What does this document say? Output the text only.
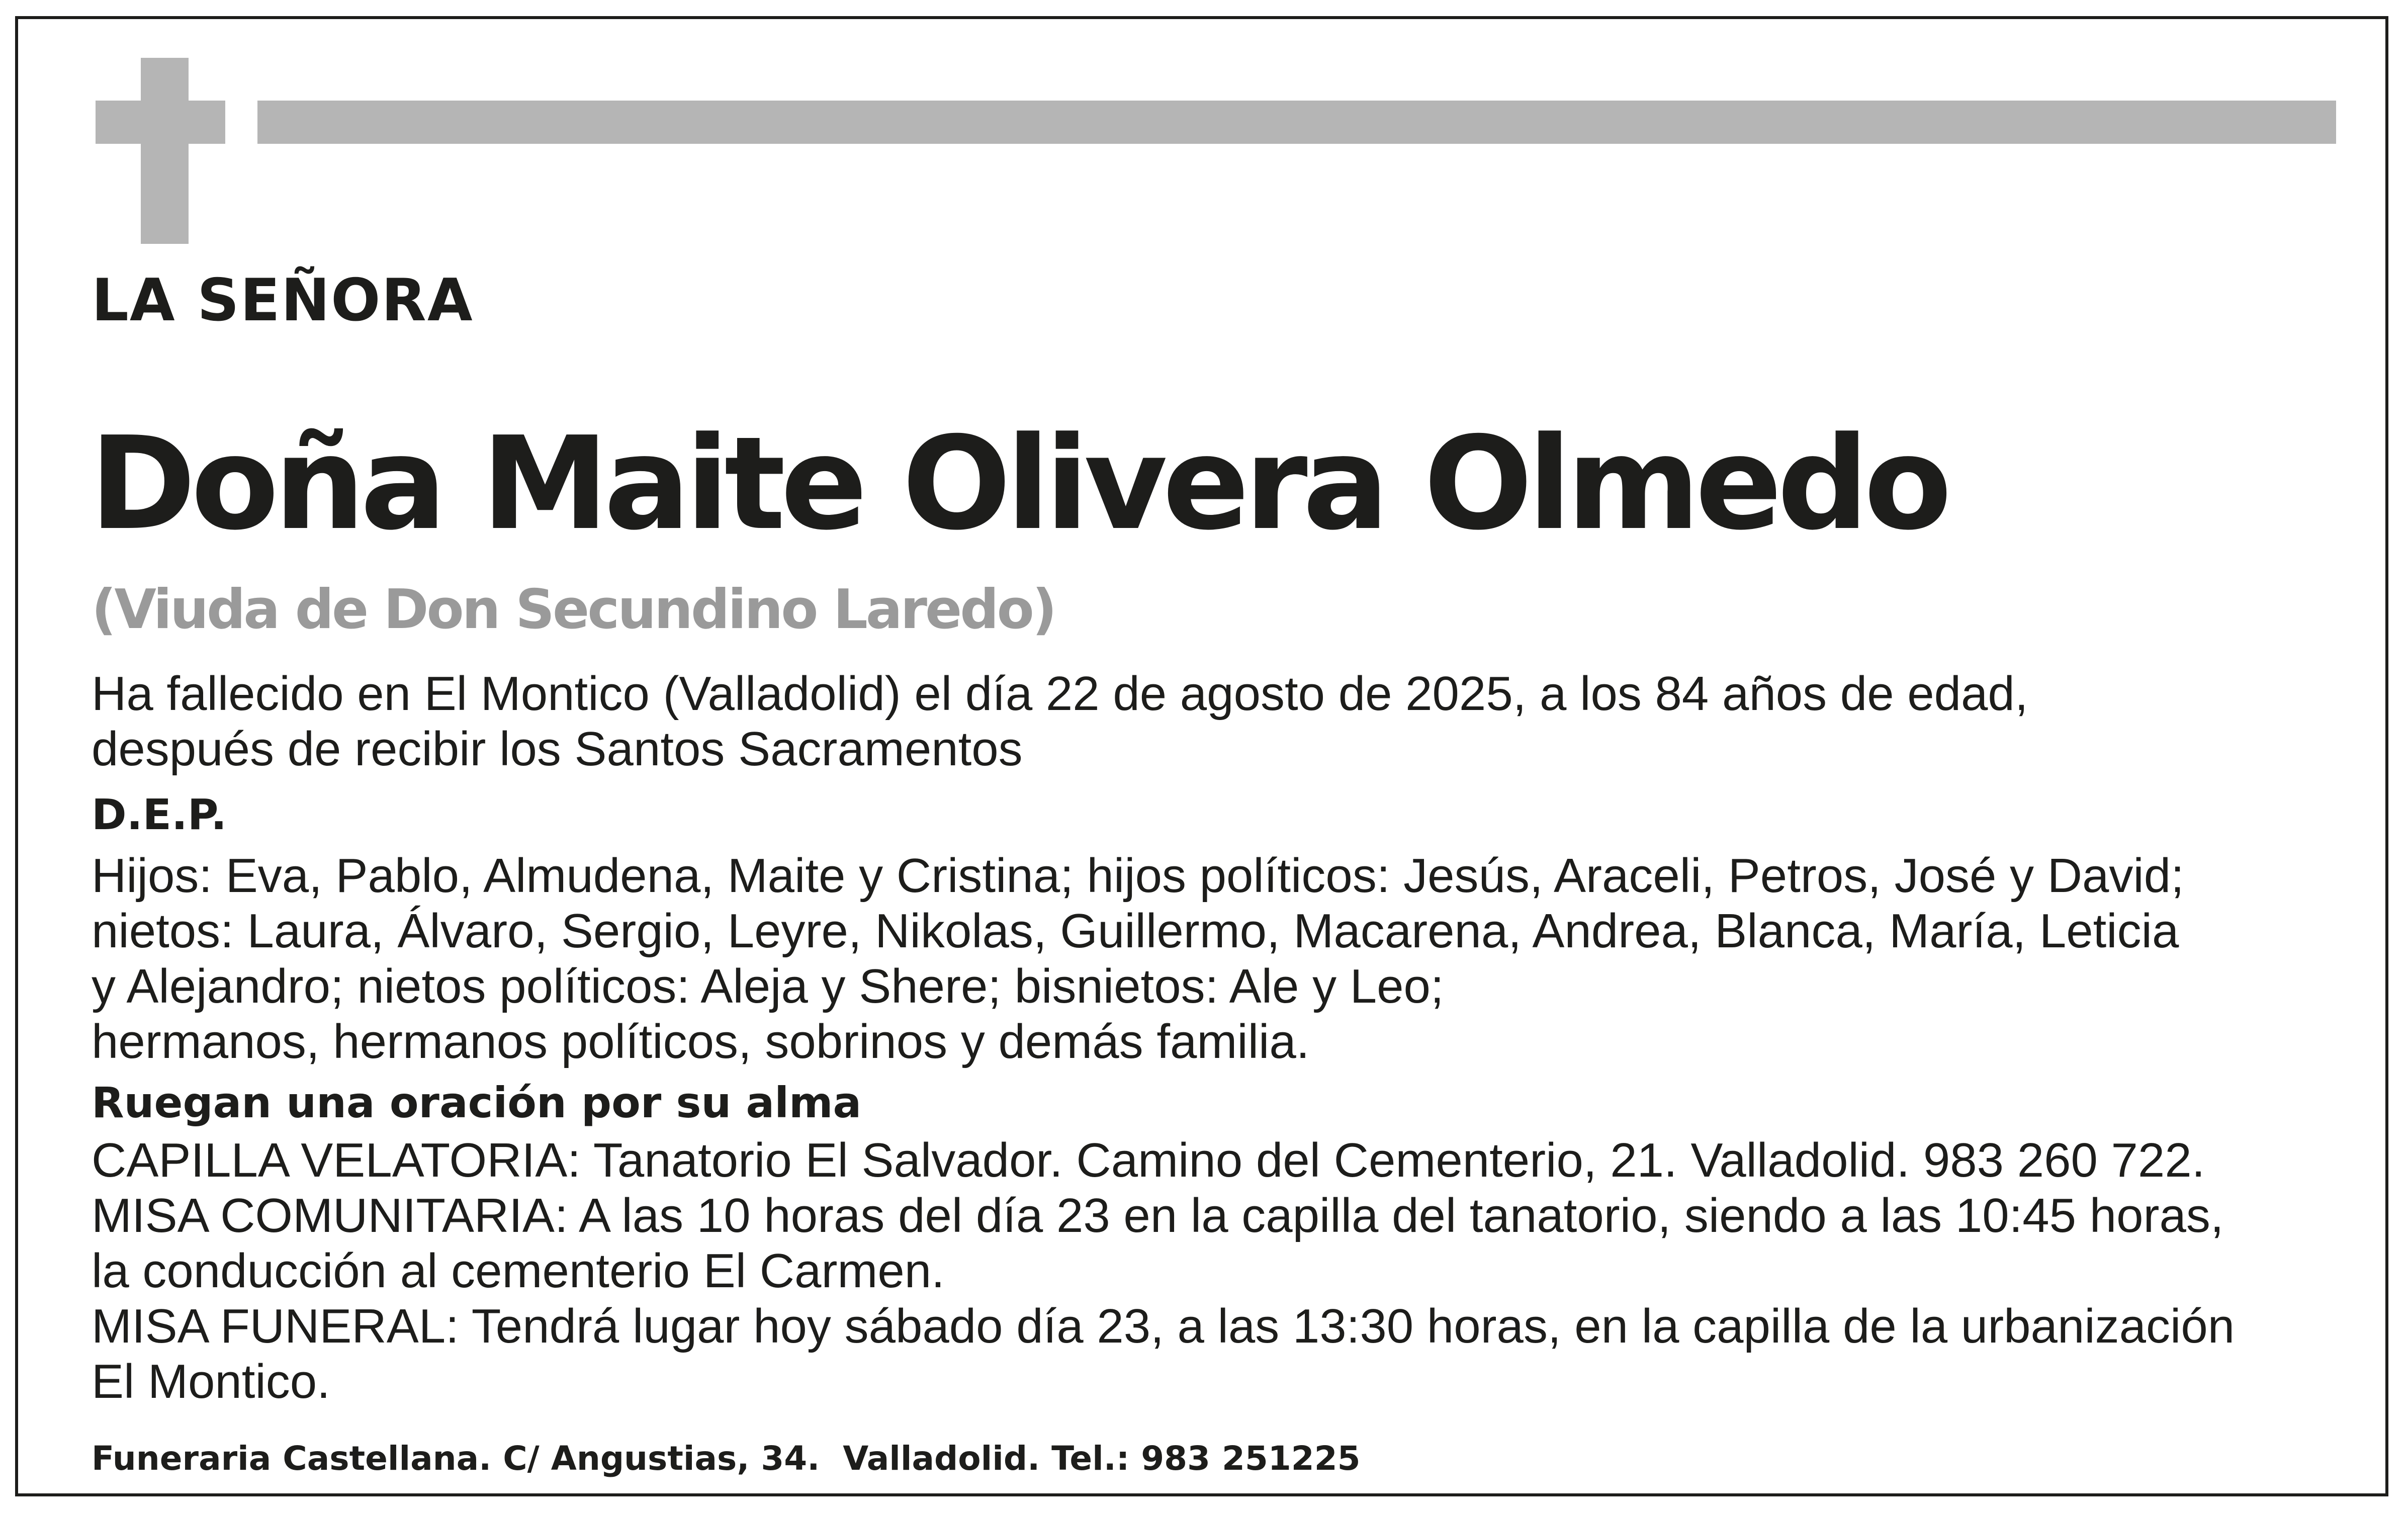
LA SEÑORA
Doña Maite Olivera Olmedo
(Viuda de Don Secundino Laredo)

Ha fallecido en El Montico (Valladolid) el día 22 de agosto de 2025, a los 84 años de edad,
después de recibir los Santos Sacramentos

D.E.P.

Hijos: Eva, Pablo, Almudena, Maite y Cristina; hijos políticos: Jesús, Araceli, Petros, José y David;
nietos: Laura, Álvaro, Sergio, Leyre, Nikolas, Guillermo, Macarena, Andrea, Blanca, María, Leticia
y Alejandro; nietos políticos: Aleja y Shere; bisnietos: Ale y Leo;
hermanos, hermanos políticos, sobrinos y demás familia.

Ruegan una oración por su alma

CAPILLA VELATORIA: Tanatorio El Salvador. Camino del Cementerio, 21. Valladolid. 983 260 722.
MISA COMUNITARIA: A las 10 horas del día 23 en la capilla del tanatorio, siendo a las 10:45 horas,
la conducción al cementerio El Carmen.
MISA FUNERAL: Tendrá lugar hoy sábado día 23, a las 13:30 horas, en la capilla de la urbanización
El Montico.

Funeraria Castellana. C/ Angustias, 34.  Valladolid. Tel.: 983 251225
